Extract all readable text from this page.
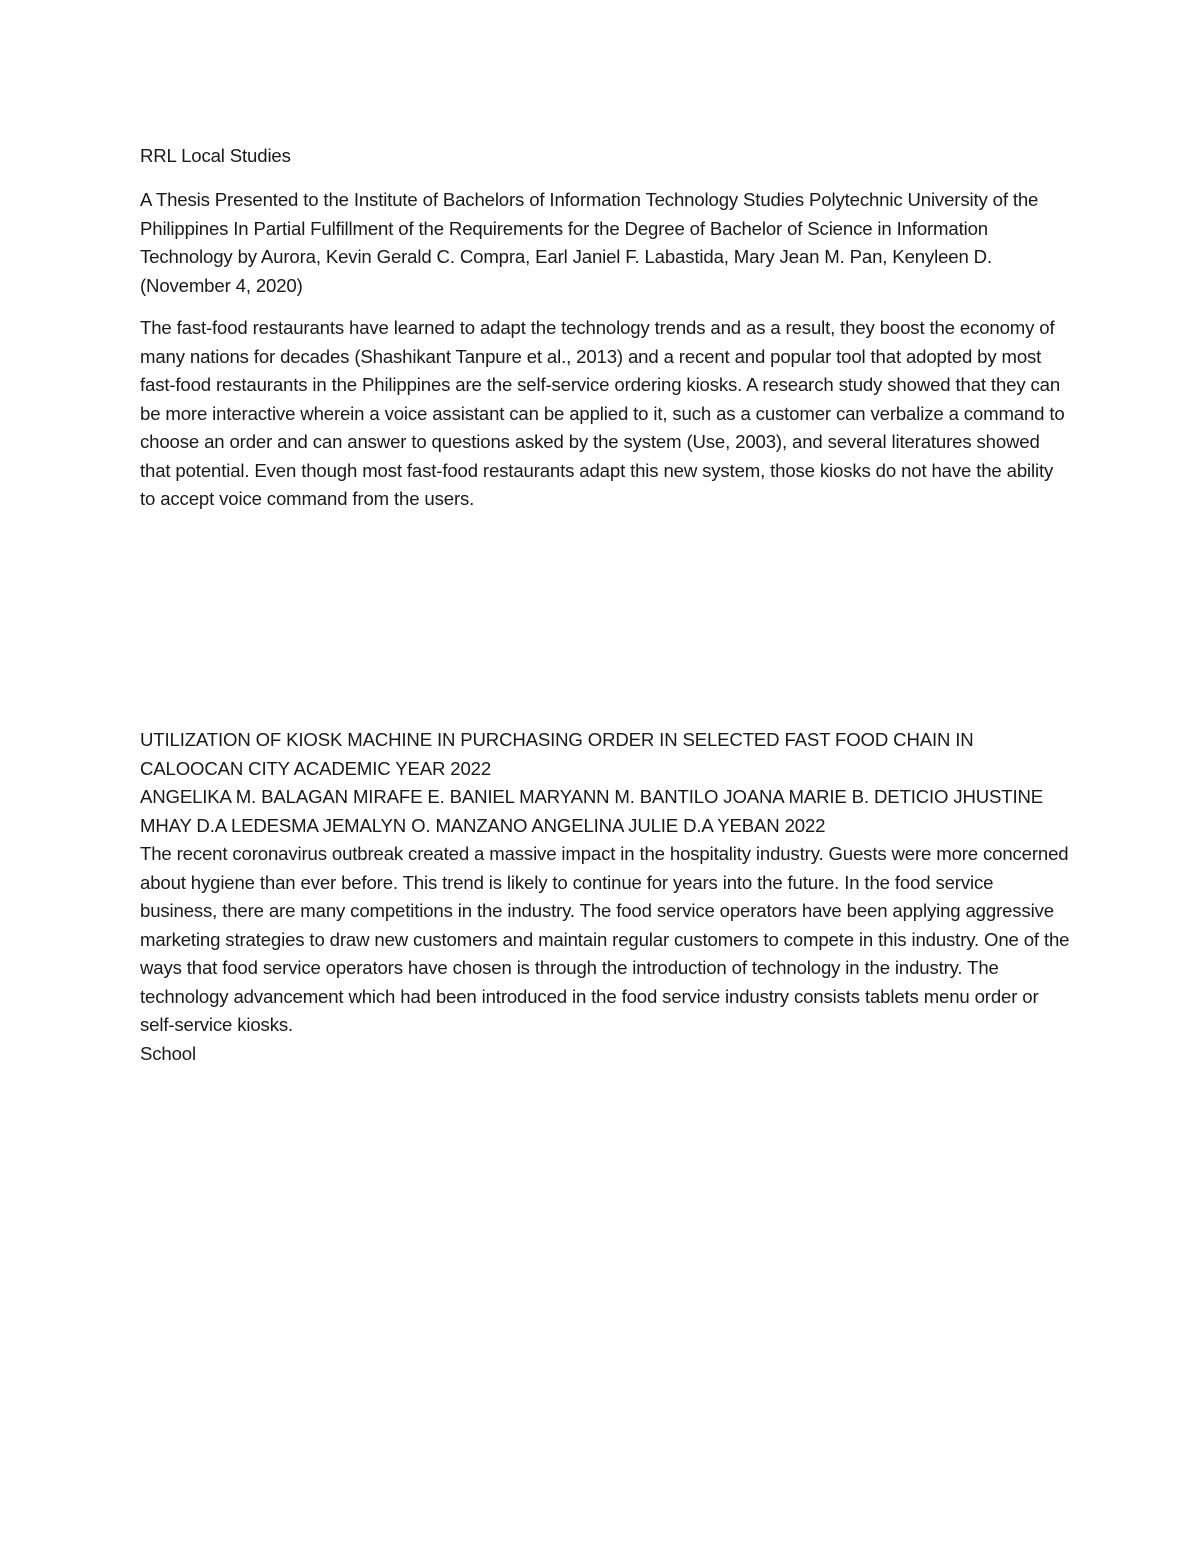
RRL Local Studies

A Thesis Presented to the Institute of Bachelors of Information Technology Studies Polytechnic University of the Philippines In Partial Fulfillment of the Requirements for the Degree of Bachelor of Science in Information Technology by Aurora, Kevin Gerald C. Compra, Earl Janiel F. Labastida, Mary Jean M. Pan, Kenyleen D. (November 4, 2020)

The fast-food restaurants have learned to adapt the technology trends and as a result, they boost the economy of many nations for decades (Shashikant Tanpure et al., 2013) and a recent and popular tool that adopted by most fast-food restaurants in the Philippines are the self-service ordering kiosks. A research study showed that they can be more interactive wherein a voice assistant can be applied to it, such as a customer can verbalize a command to choose an order and can answer to questions asked by the system (Use, 2003), and several literatures showed that potential. Even though most fast-food restaurants adapt this new system, those kiosks do not have the ability to accept voice command from the users.

UTILIZATION OF KIOSK MACHINE IN PURCHASING ORDER IN SELECTED FAST FOOD CHAIN IN CALOOCAN CITY ACADEMIC YEAR 2022

ANGELIKA M. BALAGAN MIRAFE E. BANIEL MARYANN M. BANTILO JOANA MARIE B. DETICIO JHUSTINE MHAY D.A LEDESMA JEMALYN O. MANZANO ANGELINA JULIE D.A YEBAN 2022

The recent coronavirus outbreak created a massive impact in the hospitality industry. Guests were more concerned about hygiene than ever before. This trend is likely to continue for years into the future. In the food service business, there are many competitions in the industry. The food service operators have been applying aggressive marketing strategies to draw new customers and maintain regular customers to compete in this industry. One of the ways that food service operators have chosen is through the introduction of technology in the industry. The technology advancement which had been introduced in the food service industry consists tablets menu order or self-service kiosks.

School
